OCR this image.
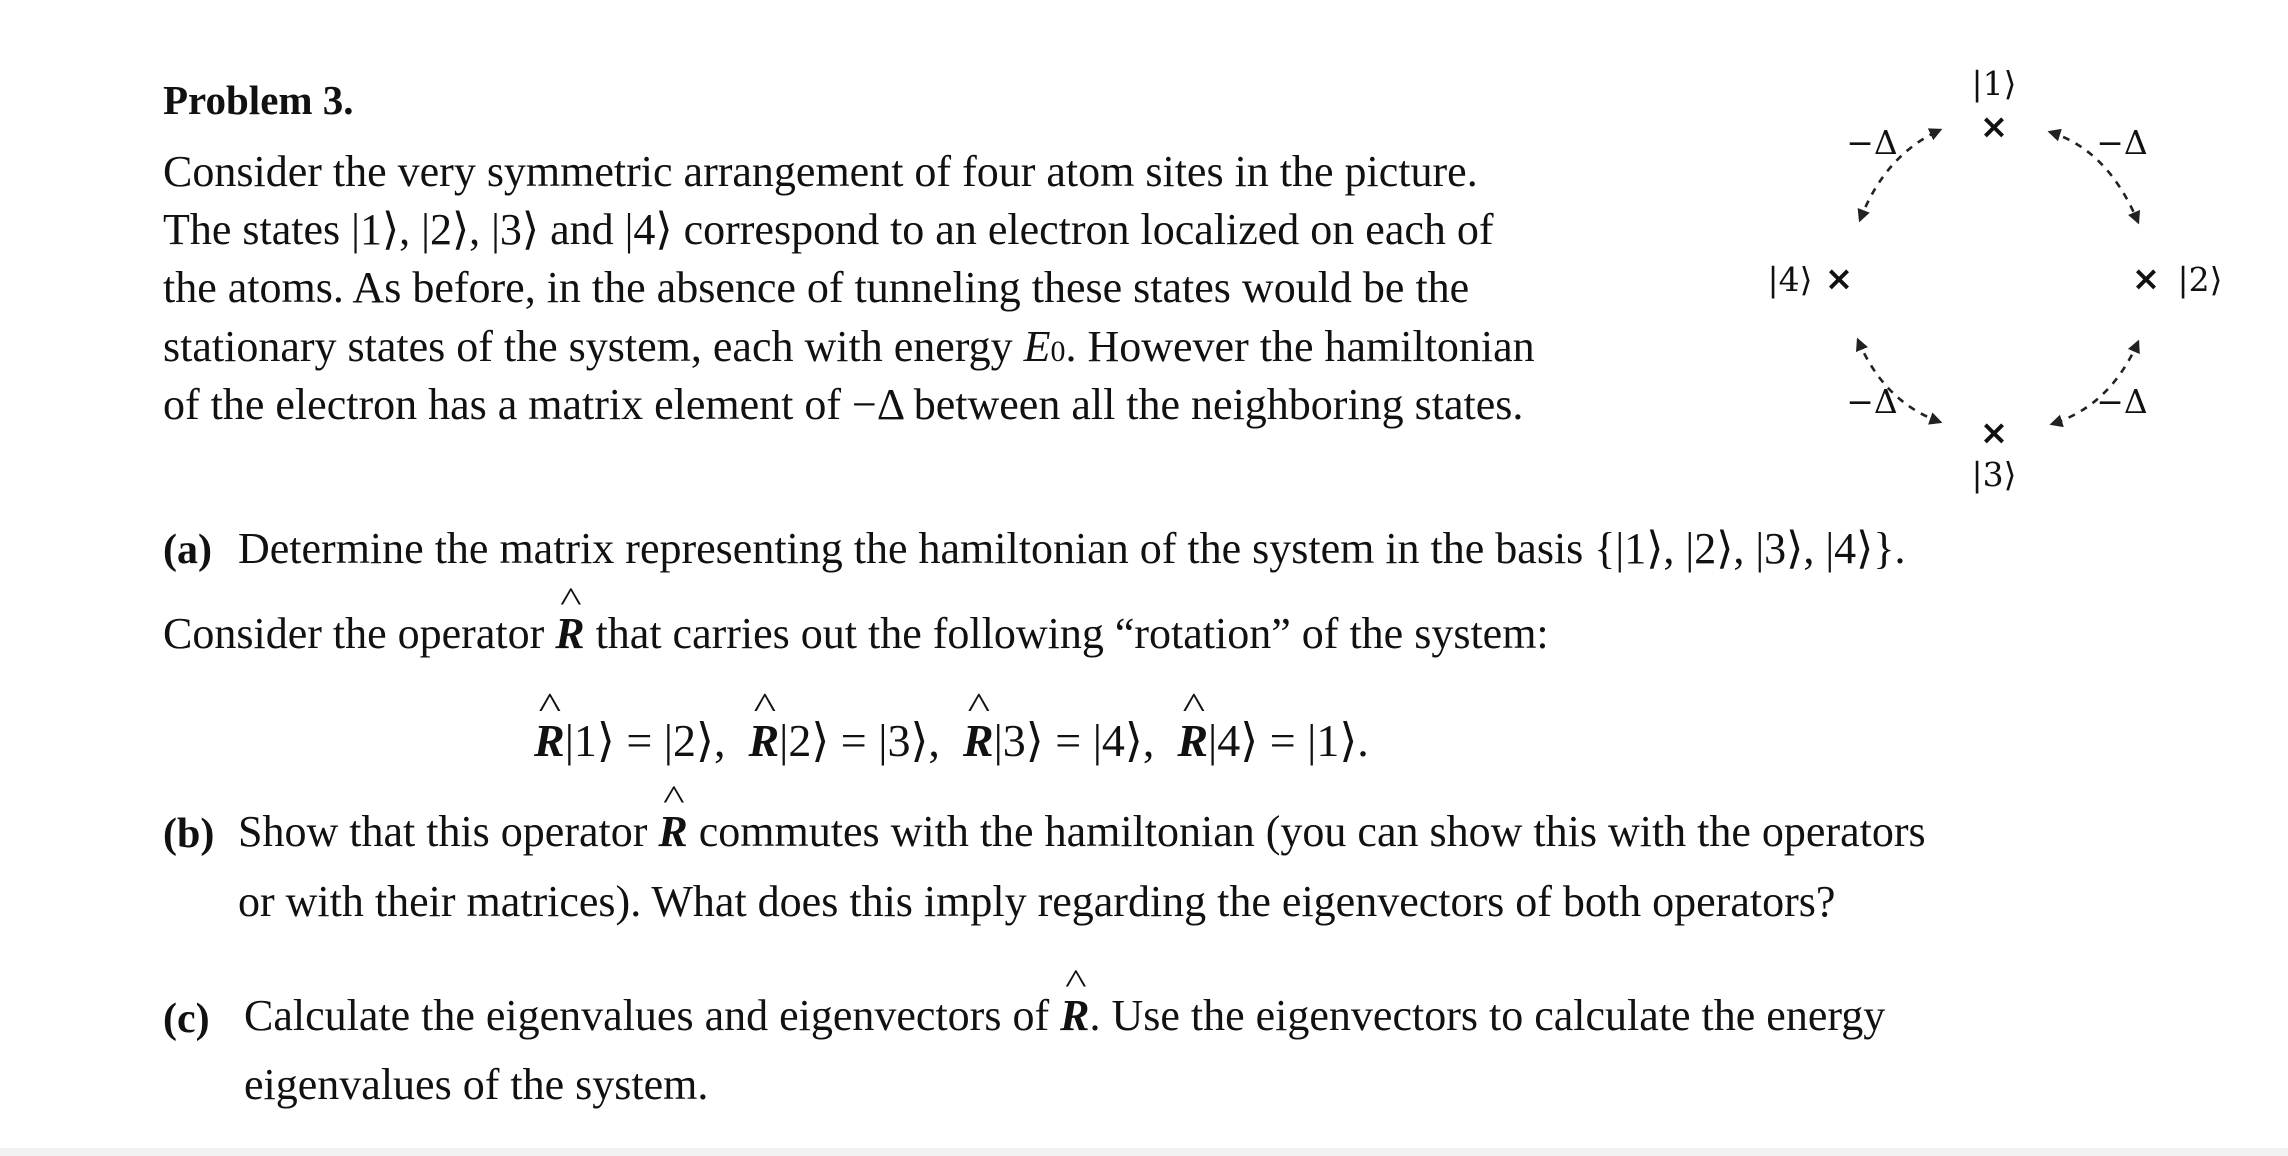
Problem 3.

Consider the very symmetric arrangement of four atom sites in the picture.

The states |1⟩, |2⟩, |3⟩ and |4⟩ correspond to an electron localized on each of

the atoms. As before, in the absence of tunneling these states would be the

stationary states of the system, each with energy E0. However the hamiltonian

of the electron has a matrix element of −Δ between all the neighboring states.

|1⟩
×
× |2⟩
×
|3⟩
|4⟩ ×
−Δ	−Δ
−Δ	−Δ
(a) Determine the matrix representing the hamiltonian of the system in the basis {|1⟩, |2⟩, |3⟩, |4⟩}.

Consider the operator ^ R that carries out the following “rotation” of the system:

^ R|1⟩ = |2⟩,  ^ R|2⟩ = |3⟩,  ^ R|3⟩ = |4⟩,  ^ R|4⟩ = |1⟩.
(b) Show that this operator ^ R commutes with the hamiltonian (you can show this with the operators
or with their matrices). What does this imply regarding the eigenvectors of both operators?
(c) Calculate the eigenvalues and eigenvectors of ^ R. Use the eigenvectors to calculate the energy
eigenvalues of the system.
